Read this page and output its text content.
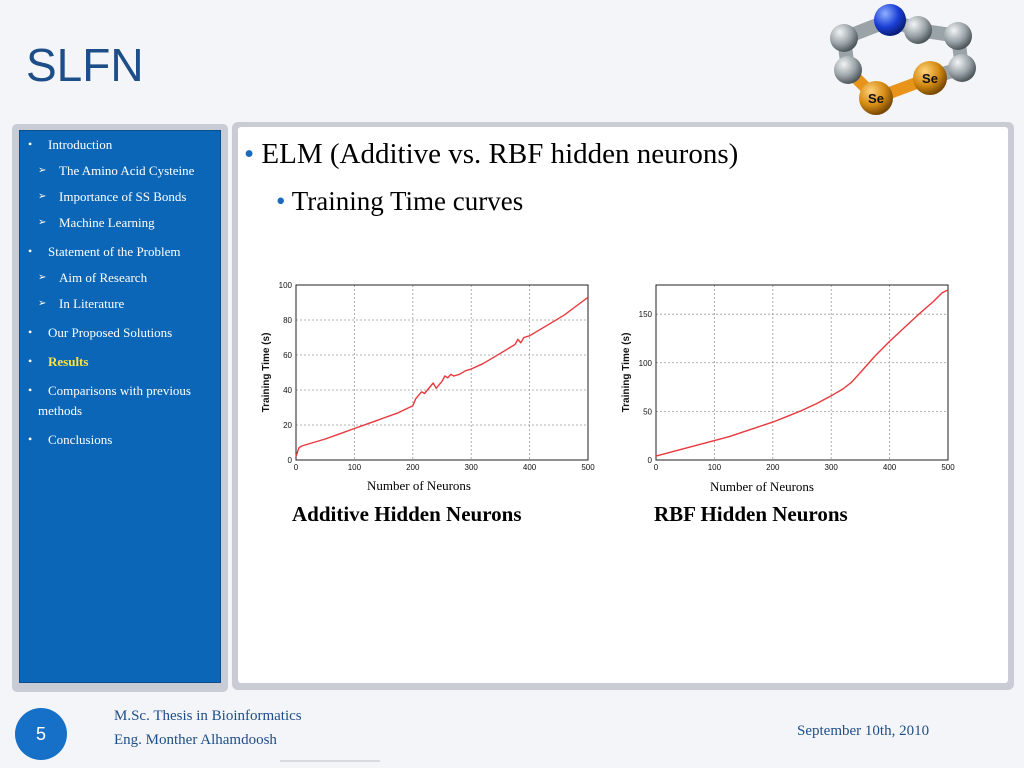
SLFN	Se
Se
• Introduction
➢ The Amino Acid Cysteine
➢ Importance of SS Bonds
➢ Machine Learning
• Statement of the Problem
➢ Aim of Research
➢ In Literature
• Our Proposed Solutions
• Results
• Comparisons with previous
methods
• Conclusions
• ELM (Additive vs. RBF hidden neurons)
• Training Time curves
0	100	200	300	400	500
0
20
40
60
80
100
Training Time (s)
Number of Neurons
Additive Hidden Neurons
0	100	200	300	400	500
0
50
100
150
Training Time (s)
Number of Neurons
RBF Hidden Neurons
5
M.Sc. Thesis in Bioinformatics
Eng. Monther Alhamdoosh
September 10th, 2010
